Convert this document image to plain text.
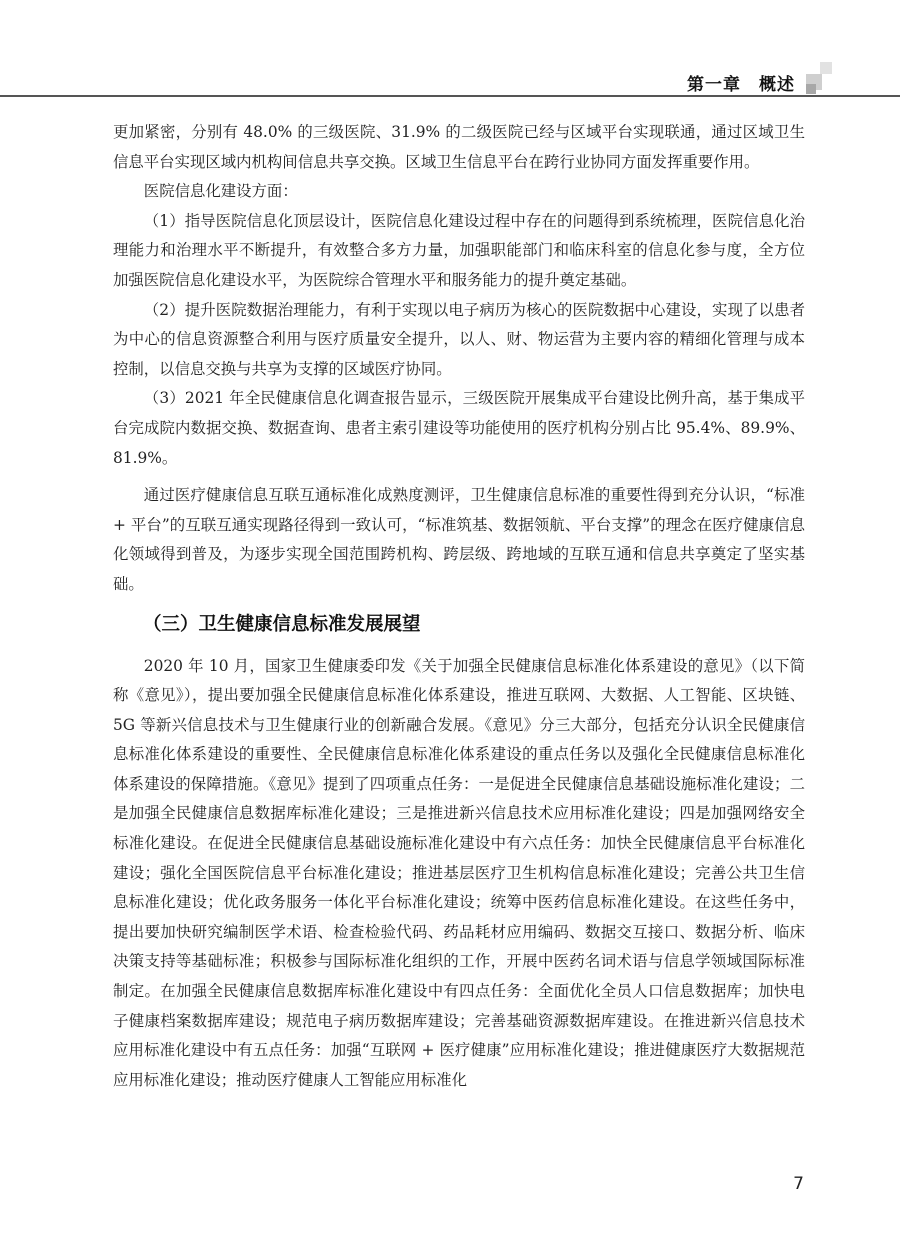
第一章　概述

更加紧密，分别有 48.0% 的三级医院、31.9% 的二级医院已经与区域平台实现联通，通过区域卫生信息平台实现区域内机构间信息共享交换。区域卫生信息平台在跨行业协同方面发挥重要作用。

医院信息化建设方面：

（1）指导医院信息化顶层设计，医院信息化建设过程中存在的问题得到系统梳理，医院信息化治理能力和治理水平不断提升，有效整合多方力量，加强职能部门和临床科室的信息化参与度，全方位加强医院信息化建设水平，为医院综合管理水平和服务能力的提升奠定基础。

（2）提升医院数据治理能力，有利于实现以电子病历为核心的医院数据中心建设，实现了以患者为中心的信息资源整合利用与医疗质量安全提升，以人、财、物运营为主要内容的精细化管理与成本控制，以信息交换与共享为支撑的区域医疗协同。

（3）2021 年全民健康信息化调查报告显示，三级医院开展集成平台建设比例升高，基于集成平台完成院内数据交换、数据查询、患者主索引建设等功能使用的医疗机构分别占比 95.4%、89.9%、81.9%。

通过医疗健康信息互联互通标准化成熟度测评，卫生健康信息标准的重要性得到充分认识，“标准 + 平台”的互联互通实现路径得到一致认可，“标准筑基、数据领航、平台支撑”的理念在医疗健康信息化领域得到普及，为逐步实现全国范围跨机构、跨层级、跨地域的互联互通和信息共享奠定了坚实基础。

（三）卫生健康信息标准发展展望

2020 年 10 月，国家卫生健康委印发《关于加强全民健康信息标准化体系建设的意见》（以下简称《意见》），提出要加强全民健康信息标准化体系建设，推进互联网、大数据、人工智能、区块链、5G 等新兴信息技术与卫生健康行业的创新融合发展。《意见》分三大部分，包括充分认识全民健康信息标准化体系建设的重要性、全民健康信息标准化体系建设的重点任务以及强化全民健康信息标准化体系建设的保障措施。《意见》提到了四项重点任务：一是促进全民健康信息基础设施标准化建设；二是加强全民健康信息数据库标准化建设；三是推进新兴信息技术应用标准化建设；四是加强网络安全标准化建设。在促进全民健康信息基础设施标准化建设中有六点任务：加快全民健康信息平台标准化建设；强化全国医院信息平台标准化建设；推进基层医疗卫生机构信息标准化建设；完善公共卫生信息标准化建设；优化政务服务一体化平台标准化建设；统筹中医药信息标准化建设。在这些任务中，提出要加快研究编制医学术语、检查检验代码、药品耗材应用编码、数据交互接口、数据分析、临床决策支持等基础标准；积极参与国际标准化组织的工作，开展中医药名词术语与信息学领域国际标准制定。在加强全民健康信息数据库标准化建设中有四点任务：全面优化全员人口信息数据库；加快电子健康档案数据库建设；规范电子病历数据库建设；完善基础资源数据库建设。在推进新兴信息技术应用标准化建设中有五点任务：加强“互联网 + 医疗健康”应用标准化建设；推进健康医疗大数据规范应用标准化建设；推动医疗健康人工智能应用标准化

7
